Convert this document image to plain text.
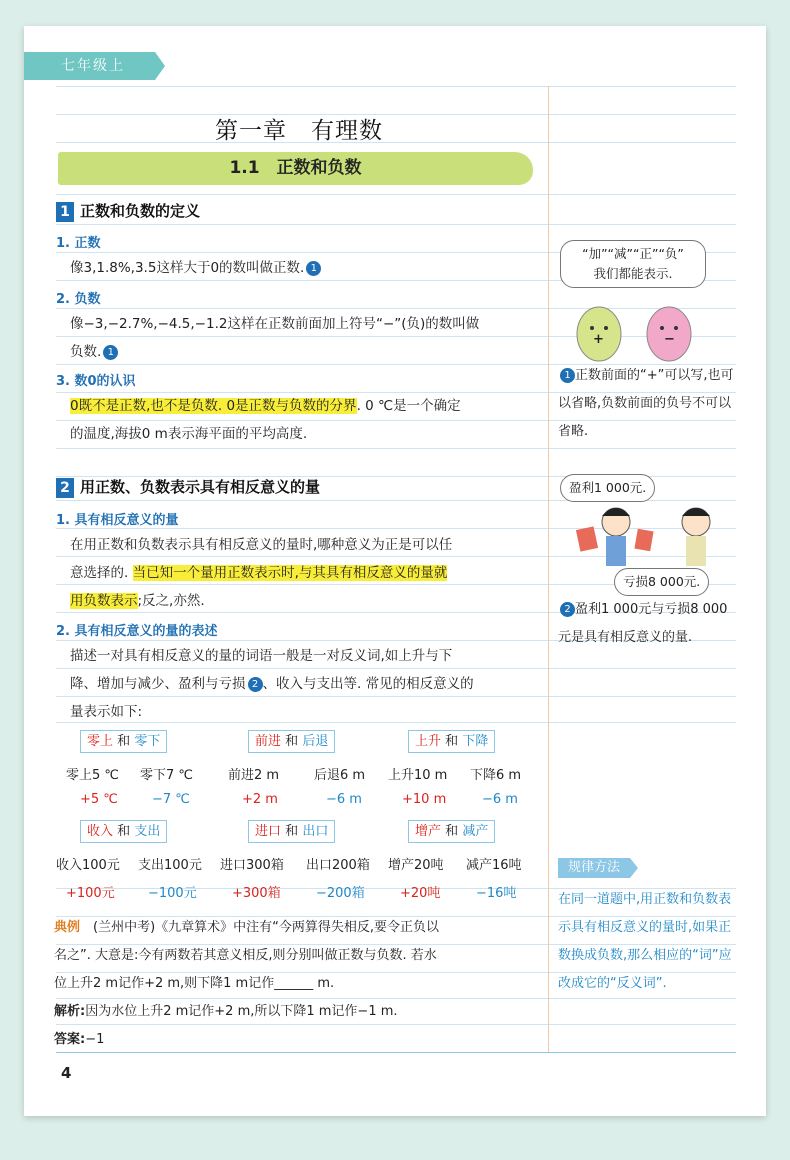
七年级上
第一章　有理数
1.1　正数和负数
1 正数和负数的定义
1. 正数
像3,1.8%,3.5这样大于0的数叫做正数. 1
2. 负数
像−3,−2.7%,−4.5,−1.2这样在正数前面加上符号“−”(负)的数叫做
负数. 1
3. 数0的认识
0既不是正数,也不是负数. 0是正数与负数的分界. 0 ℃是一个确定
的温度,海拔0 m表示海平面的平均高度.
2 用正数、负数表示具有相反意义的量
1. 具有相反意义的量
在用正数和负数表示具有相反意义的量时,哪种意义为正是可以任
意选择的. 当已知一个量用正数表示时,与其具有相反意义的量就
用负数表示;反之,亦然.
2. 具有相反意义的量的表述
描述一对具有相反意义的量的词语一般是一对反义词,如上升与下
降、增加与减少、盈利与亏损 2 、收入与支出等. 常见的相反意义的
量表示如下:
零上 和 零下	前进 和 后退	上升 和 下降
零上5 ℃ 零下7 ℃	前进2 m	后退6 m 上升10 m 下降6 m
+5 ℃	−7 ℃	+2 m	−6 m	+10 m	−6 m
收入 和 支出	进口 和 出口	增产 和 减产
收入100元 支出100元 进口300箱 出口200箱 增产20吨 减产16吨
+100元	−100元	+300箱	−200箱	+20吨	−16吨
典例　 (兰州中考)《九章算术》中注有“今两算得失相反,要令正负以
名之”. 大意是:今有两数若其意义相反,则分别叫做正数与负数. 若水
位上升2 m记作+2 m,则下降1 m记作______ m.
解析:因为水位上升2 m记作+2 m,所以下降1 m记作−1 m.
答案:−1
“加”“减”“正”“负”
我们都能表示.
+	−
1 正数前面的“+”可以写,也可以省略,负数前面的负号不可以省略.
盈利1 000元.
亏损8 000元.
2 盈利1 000元与亏损8 000元是具有相反意义的量.
规律方法
在同一道题中,用正数和负数表示具有相反意义的量时,如果正数换成负数,那么相应的“词”应改成它的“反义词”.
4
